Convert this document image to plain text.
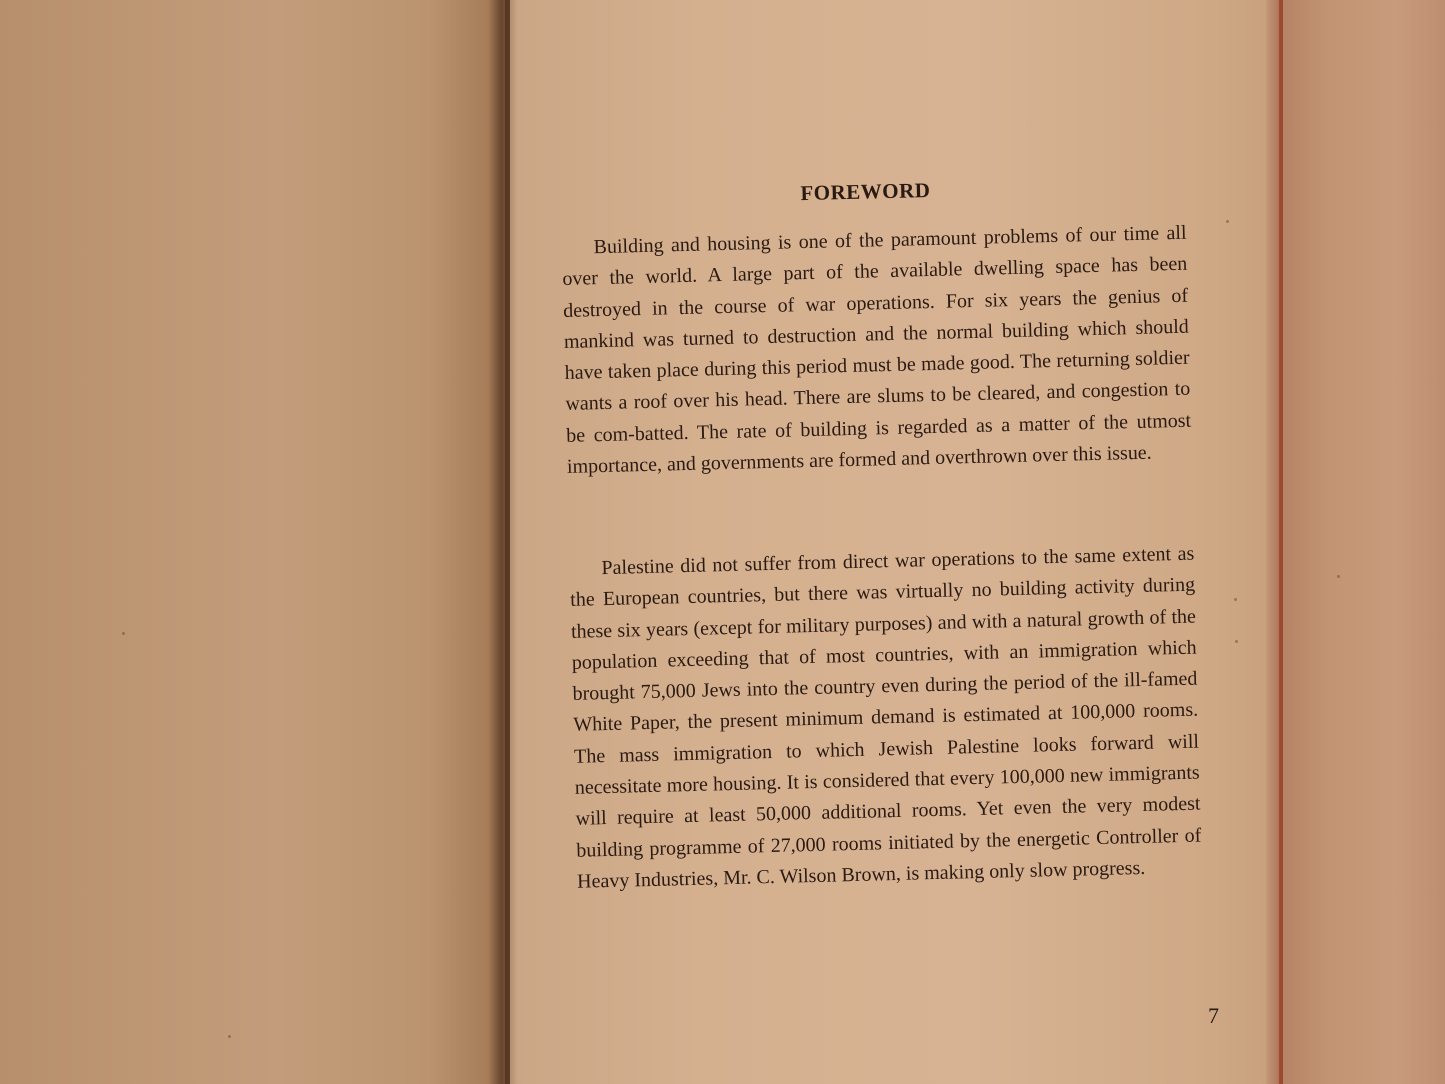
FOREWORD

Building and housing is one of the paramount problems of our time all over the world. A large part of the available dwelling space has been destroyed in the course of war operations. For six years the genius of mankind was turned to destruction and the normal building which should have taken place during this period must be made good. The returning soldier wants a roof over his head. There are slums to be cleared, and congestion to be com-batted. The rate of building is regarded as a matter of the utmost importance, and governments are formed and overthrown over this issue.

Palestine did not suffer from direct war operations to the same extent as the European countries, but there was virtually no building activity during these six years (except for military purposes) and with a natural growth of the population exceeding that of most countries, with an immigration which brought 75,000 Jews into the country even during the period of the ill-famed White Paper, the present minimum demand is estimated at 100,000 rooms. The mass immigration to which Jewish Palestine looks forward will necessitate more housing. It is considered that every 100,000 new immigrants will require at least 50,000 additional rooms. Yet even the very modest building programme of 27,000 rooms initiated by the energetic Controller of Heavy Industries, Mr. C. Wilson Brown, is making only slow progress.

7
